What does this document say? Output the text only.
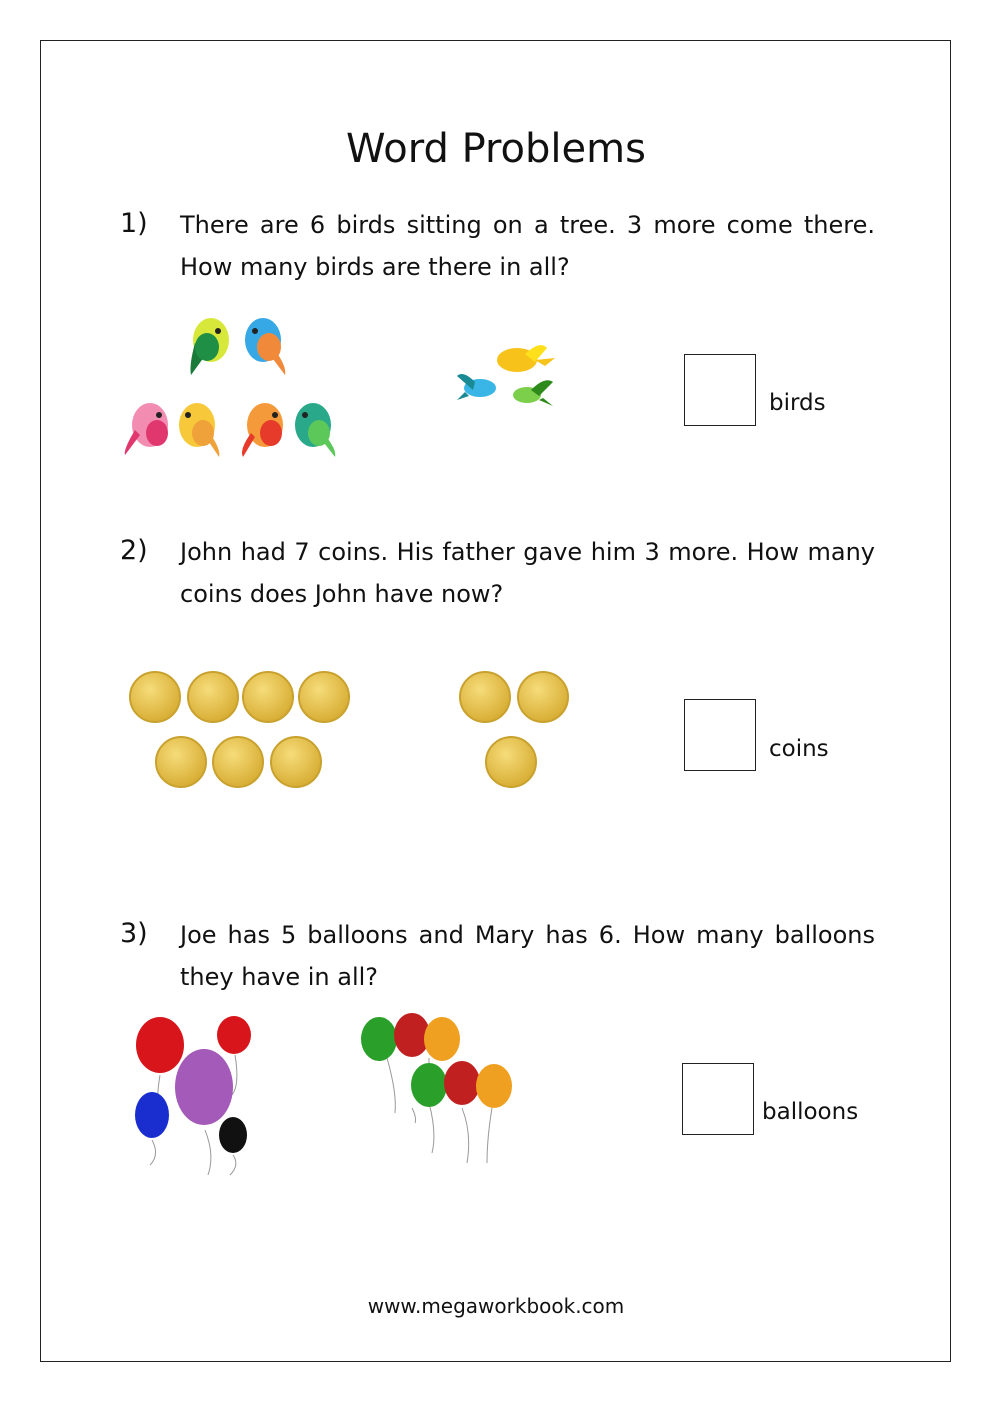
Word Problems
1) There are 6 birds sitting on a tree. 3 more come there. How many birds are there in all?
birds
2) John had 7 coins. His father gave him 3 more. How many coins does John have now?
coins
3) Joe has 5 balloons and Mary has 6. How many balloons they have in all?
balloons
www.megaworkbook.com
